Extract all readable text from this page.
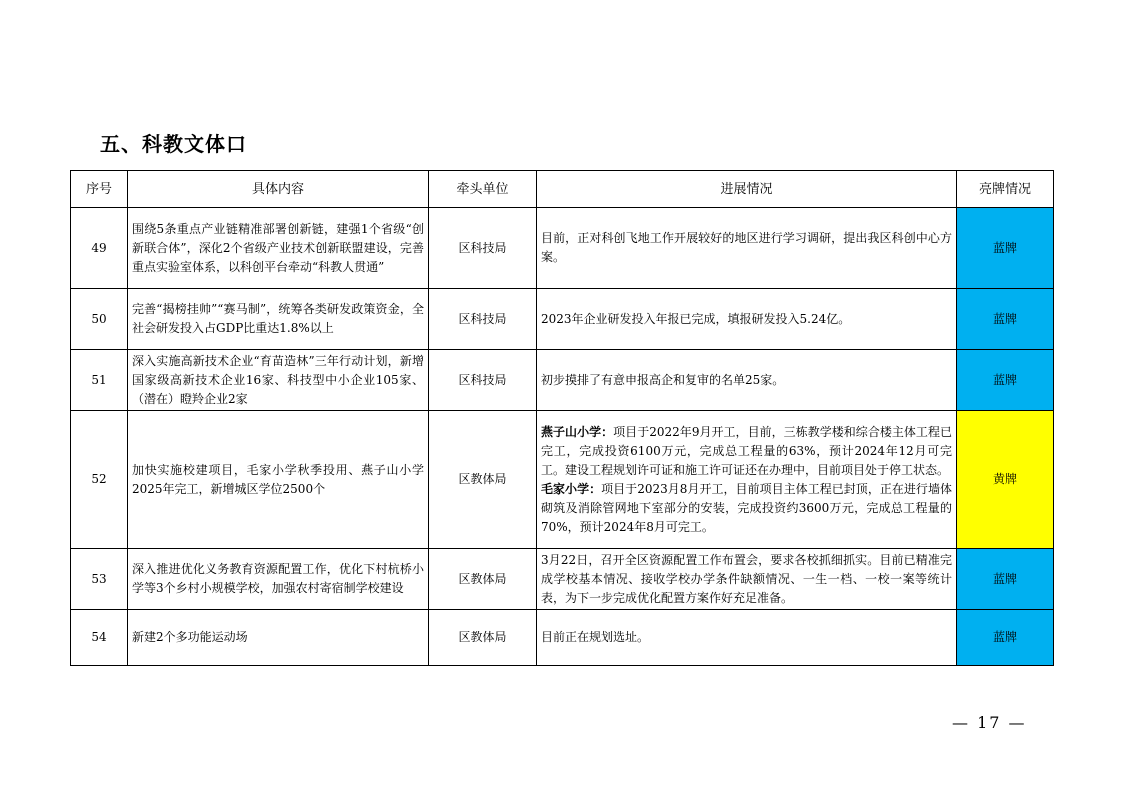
五、科教文体口
序号	具体内容	牵头单位	进展情况	亮牌情况
49	围绕5条重点产业链精准部署创新链，建强1个省级“创新联合体”，深化2个省级产业技术创新联盟建设，完善重点实验室体系，以科创平台牵动“科教人贯通”	区科技局	目前，正对科创飞地工作开展较好的地区进行学习调研，提出我区科创中心方案。	蓝牌
50	完善“揭榜挂帅”“赛马制”，统筹各类研发政策资金，全社会研发投入占GDP比重达1.8%以上	区科技局	2023年企业研发投入年报已完成，填报研发投入5.24亿。	蓝牌
51	深入实施高新技术企业“育苗造林”三年行动计划，新增国家级高新技术企业16家、科技型中小企业105家、（潜在）瞪羚企业2家	区科技局	初步摸排了有意申报高企和复审的名单25家。	蓝牌
52	加快实施校建项目，毛家小学秋季投用、燕子山小学2025年完工，新增城区学位2500个	区教体局	燕子山小学：项目于2022年9月开工，目前，三栋教学楼和综合楼主体工程已完工，完成投资6100万元，完成总工程量的63%，预计2024年12月可完工。建设工程规划许可证和施工许可证还在办理中，目前项目处于停工状态。
毛家小学：项目于2023月8月开工，目前项目主体工程已封顶，正在进行墙体砌筑及消除管网地下室部分的安装，完成投资约3600万元，完成总工程量的70%，预计2024年8月可完工。	黄牌
53	深入推进优化义务教育资源配置工作，优化下村杭桥小学等3个乡村小规模学校，加强农村寄宿制学校建设	区教体局	3月22日，召开全区资源配置工作布置会，要求各校抓细抓实。目前已精准完成学校基本情况、接收学校办学条件缺额情况、一生一档、一校一案等统计表，为下一步完成优化配置方案作好充足准备。	蓝牌
54	新建2个多功能运动场	区教体局	目前正在规划选址。	蓝牌
— 17 —
